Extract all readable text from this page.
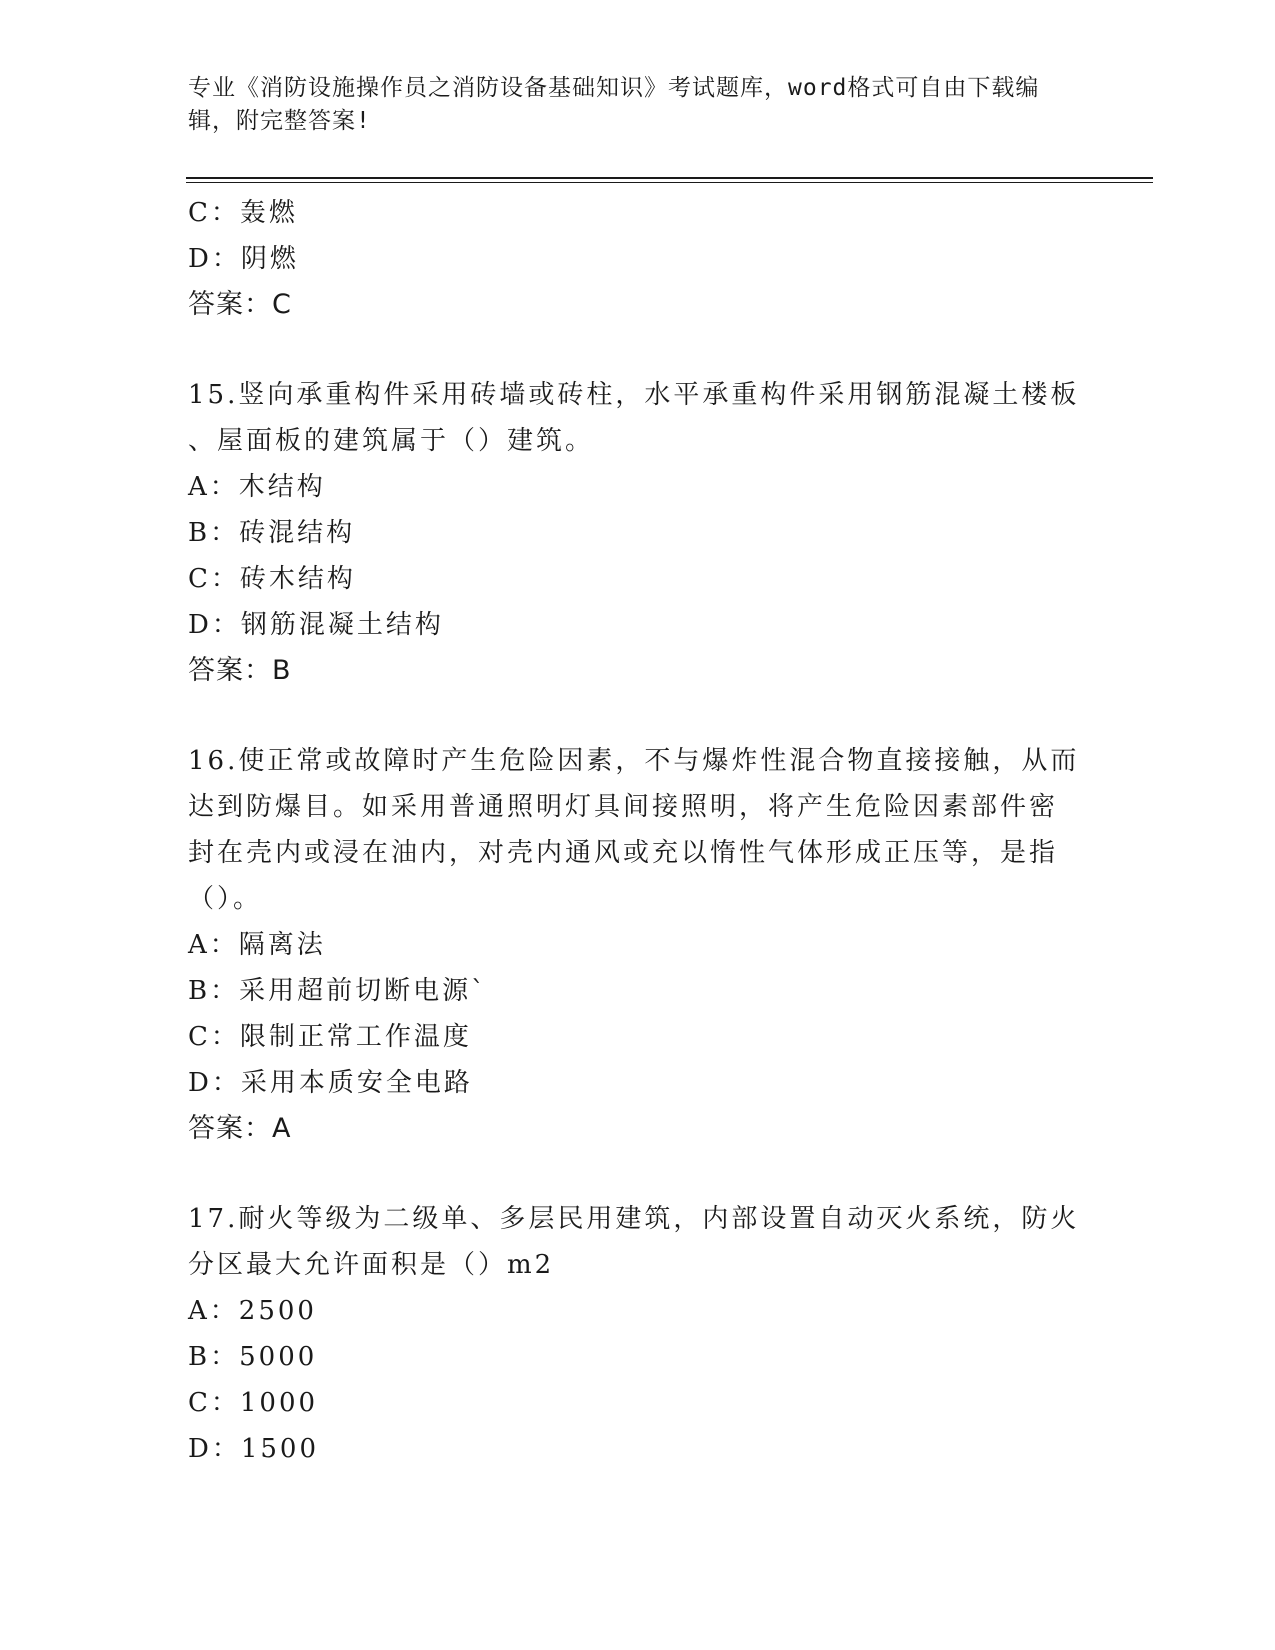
专业《消防设施操作员之消防设备基础知识》考试题库，word格式可自由下载编
辑，附完整答案!
C：轰燃
D：阴燃
答案：C
15.竖向承重构件采用砖墙或砖柱，水平承重构件采用钢筋混凝土楼板
、屋面板的建筑属于（）建筑。
A：木结构
B：砖混结构
C：砖木结构
D：钢筋混凝土结构
答案：B
16.使正常或故障时产生危险因素，不与爆炸性混合物直接接触，从而
达到防爆目。如采用普通照明灯具间接照明，将产生危险因素部件密
封在壳内或浸在油内，对壳内通风或充以惰性气体形成正压等，是指
（）。
A：隔离法
B：采用超前切断电源`
C：限制正常工作温度
D：采用本质安全电路
答案：A
17.耐火等级为二级单、多层民用建筑，内部设置自动灭火系统，防火
分区最大允许面积是（）m2
A：2500
B：5000
C：1000
D：1500
